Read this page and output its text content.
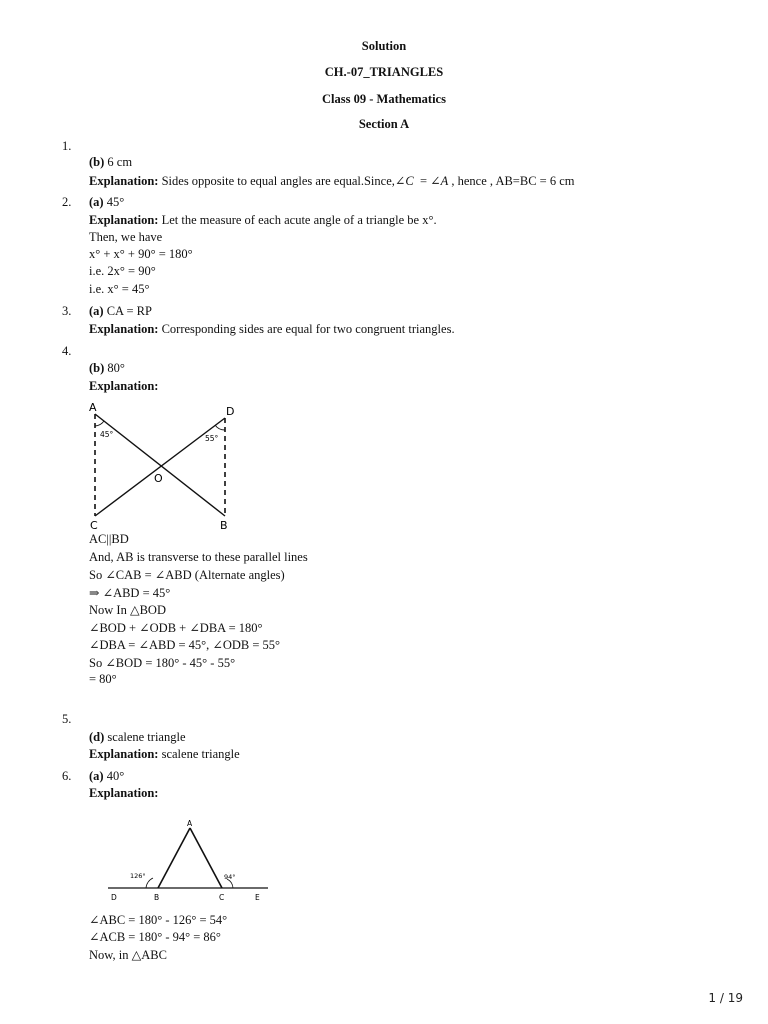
Solution
CH.-07_TRIANGLES
Class 09 - Mathematics
Section A
1.
(b) 6 cm
Explanation: Sides opposite to equal angles are equal.Since,∠C = ∠A , hence , AB=BC = 6 cm
2. (a) 45°
Explanation: Let the measure of each acute angle of a triangle be x°.
Then, we have
x° + x° + 90° = 180°
i.e. 2x° = 90°
i.e. x° = 45°
3. (a) CA = RP
Explanation: Corresponding sides are equal for two congruent triangles.
4.
(b) 80°
Explanation:
A	D
C	B
O
45°	55°
AC||BD
And, AB is transverse to these parallel lines
So ∠CAB = ∠ABD (Alternate angles)
⇒ ∠ABD = 45°
Now In △BOD
∠BOD + ∠ODB + ∠DBA = 180°
∠DBA = ∠ABD = 45°, ∠ODB = 55°
So ∠BOD = 180° - 45° - 55°
= 80°
5.
(d) scalene triangle
Explanation: scalene triangle
6. (a) 40°
Explanation:
A
B	C
D	E
126°	94°
∠ABC = 180° - 126° = 54°
∠ACB = 180° - 94° = 86°
Now, in △ABC
1 / 19
